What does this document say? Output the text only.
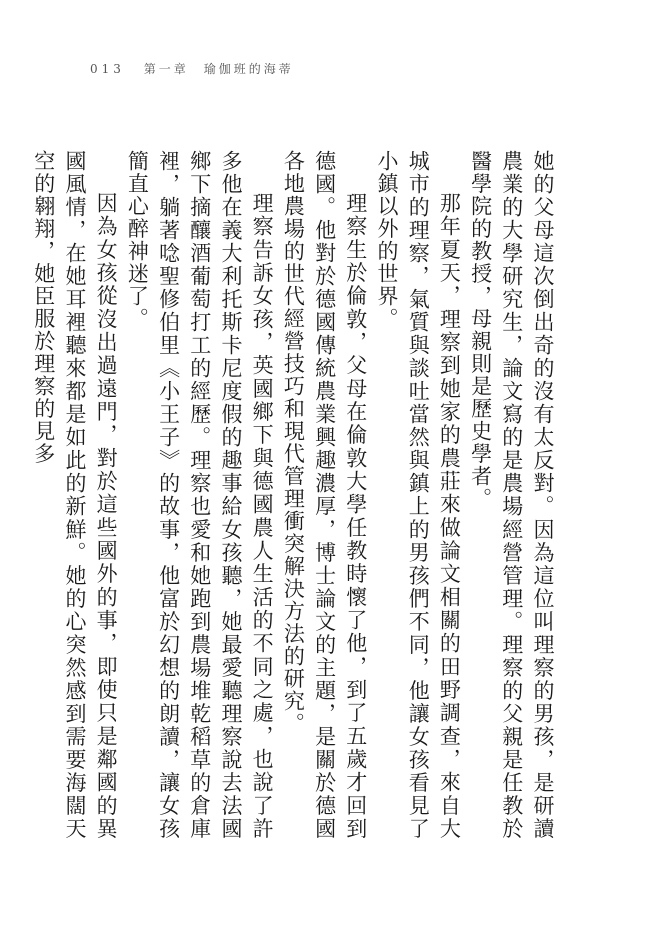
013 第一章　瑜伽班的海蒂

她的父母這次倒出奇的沒有太反對。因為這位叫理察的男孩，是研讀農業的大學研究生，論文寫的是農場經營管理。理察的父親是任教於醫學院的教授，母親則是歷史學者。

那年夏天，理察到她家的農莊來做論文相關的田野調查，來自大城市的理察，氣質與談吐當然與鎮上的男孩們不同，他讓女孩看見了小鎮以外的世界。

理察生於倫敦，父母在倫敦大學任教時懷了他，到了五歲才回到德國。他對於德國傳統農業興趣濃厚，博士論文的主題，是關於德國各地農場的世代經營技巧和現代管理衝突解決方法的研究。

理察告訴女孩，英國鄉下與德國農人生活的不同之處，也說了許多他在義大利托斯卡尼度假的趣事給女孩聽，她最愛聽理察說去法國鄉下摘釀酒葡萄打工的經歷。理察也愛和她跑到農場堆乾稻草的倉庫裡，躺著唸聖修伯里《小王子》的故事，他富於幻想的朗讀，讓女孩簡直心醉神迷了。

因為女孩從沒出過遠門，對於這些國外的事，即使只是鄰國的異國風情，在她耳裡聽來都是如此的新鮮。她的心突然感到需要海闊天空的翱翔，她臣服於理察的見多
